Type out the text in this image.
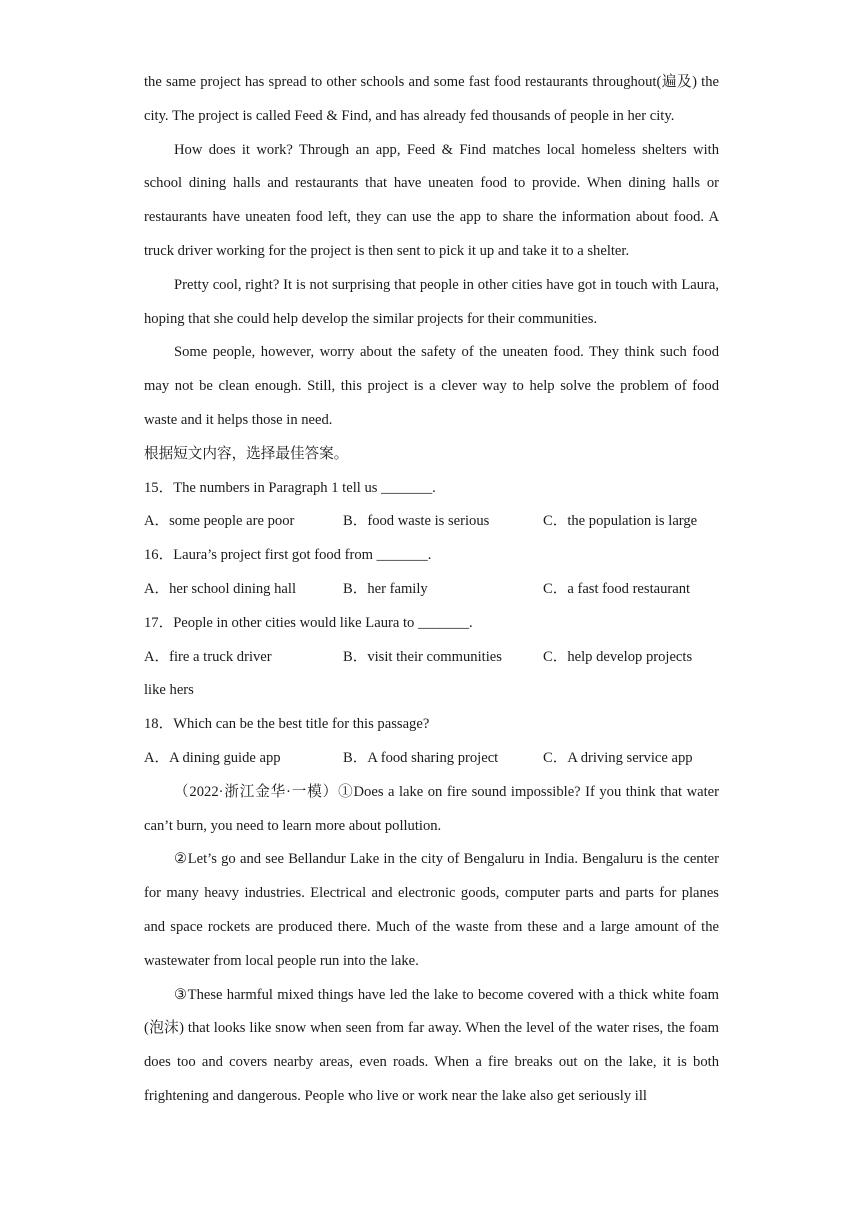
the same project has spread to other schools and some fast food restaurants throughout(遍及) the city. The project is called Feed & Find, and has already fed thousands of people in her city.

How does it work? Through an app, Feed & Find matches local homeless shelters with school dining halls and restaurants that have uneaten food to provide. When dining halls or restaurants have uneaten food left, they can use the app to share the information about food. A truck driver working for the project is then sent to pick it up and take it to a shelter.

Pretty cool, right? It is not surprising that people in other cities have got in touch with Laura, hoping that she could help develop the similar projects for their communities.

Some people, however, worry about the safety of the uneaten food. They think such food may not be clean enough. Still, this project is a clever way to help solve the problem of food waste and it helps those in need.

根据短文内容，选择最佳答案。

15．The numbers in Paragraph 1 tell us _______.

A．some people are poor	B．food waste is serious	C．the population is large

16．Laura’s project first got food from _______.

A．her school dining hall	B．her family	C．a fast food restaurant

17．People in other cities would like Laura to _______.

A．fire a truck driver	B．visit their communities	C．help develop projects

like hers

18．Which can be the best title for this passage?

A．A dining guide app	B．A food sharing project	C．A driving service app

（2022·浙江金华·一模）①Does a lake on fire sound impossible? If you think that water can’t burn, you need to learn more about pollution.

②Let’s go and see Bellandur Lake in the city of Bengaluru in India. Bengaluru is the center for many heavy industries. Electrical and electronic goods, computer parts and parts for planes and space rockets are produced there. Much of the waste from these and a large amount of the wastewater from local people run into the lake.

③These harmful mixed things have led the lake to become covered with a thick white foam (泡沫) that looks like snow when seen from far away. When the level of the water rises, the foam does too and covers nearby areas, even roads. When a fire breaks out on the lake, it is both frightening and dangerous. People who live or work near the lake also get seriously ill
